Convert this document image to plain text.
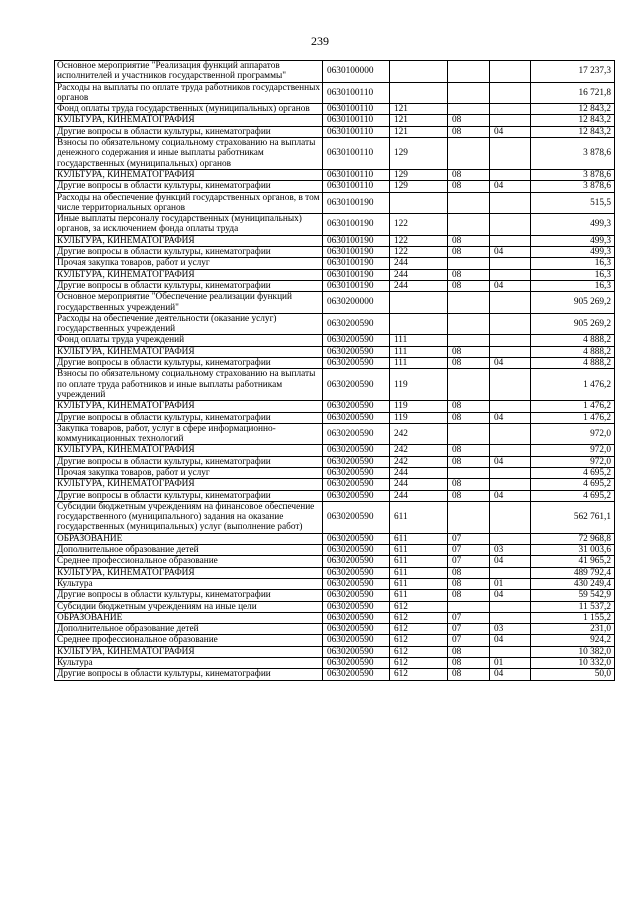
239
Основное мероприятие "Реализация функций аппаратов исполнителей и участников государственной программы"	0630100000				17 237,3
Расходы на выплаты по оплате труда работников государственных органов	0630100110				16 721,8
Фонд оплаты труда государственных (муниципальных) органов	0630100110	121			12 843,2
КУЛЬТУРА, КИНЕМАТОГРАФИЯ	0630100110	121	08		12 843,2
Другие вопросы в области культуры, кинематографии	0630100110	121	08	04	12 843,2
Взносы по обязательному социальному страхованию на выплаты денежного содержания и иные выплаты работникам государственных (муниципальных) органов	0630100110	129			3 878,6
КУЛЬТУРА, КИНЕМАТОГРАФИЯ	0630100110	129	08		3 878,6
Другие вопросы в области культуры, кинематографии	0630100110	129	08	04	3 878,6
Расходы на обеспечение функций государственных органов, в том числе территориальных органов	0630100190				515,5
Иные выплаты персоналу государственных (муниципальных) органов, за исключением фонда оплаты труда	0630100190	122			499,3
КУЛЬТУРА, КИНЕМАТОГРАФИЯ	0630100190	122	08		499,3
Другие вопросы в области культуры, кинематографии	0630100190	122	08	04	499,3
Прочая закупка товаров, работ и услуг	0630100190	244			16,3
КУЛЬТУРА, КИНЕМАТОГРАФИЯ	0630100190	244	08		16,3
Другие вопросы в области культуры, кинематографии	0630100190	244	08	04	16,3
Основное мероприятие "Обеспечение реализации функций государственных учреждений"	0630200000				905 269,2
Расходы на обеспечение деятельности (оказание услуг) государственных учреждений	0630200590				905 269,2
Фонд оплаты труда учреждений	0630200590	111			4 888,2
КУЛЬТУРА, КИНЕМАТОГРАФИЯ	0630200590	111	08		4 888,2
Другие вопросы в области культуры, кинематографии	0630200590	111	08	04	4 888,2
Взносы по обязательному социальному страхованию на выплаты по оплате труда работников и иные выплаты работникам учреждений	0630200590	119			1 476,2
КУЛЬТУРА, КИНЕМАТОГРАФИЯ	0630200590	119	08		1 476,2
Другие вопросы в области культуры, кинематографии	0630200590	119	08	04	1 476,2
Закупка товаров, работ, услуг в сфере информационно-коммуникационных технологий	0630200590	242			972,0
КУЛЬТУРА, КИНЕМАТОГРАФИЯ	0630200590	242	08		972,0
Другие вопросы в области культуры, кинематографии	0630200590	242	08	04	972,0
Прочая закупка товаров, работ и услуг	0630200590	244			4 695,2
КУЛЬТУРА, КИНЕМАТОГРАФИЯ	0630200590	244	08		4 695,2
Другие вопросы в области культуры, кинематографии	0630200590	244	08	04	4 695,2
Субсидии бюджетным учреждениям на финансовое обеспечение государственного (муниципального) задания на оказание государственных (муниципальных) услуг (выполнение работ)	0630200590	611			562 761,1
ОБРАЗОВАНИЕ	0630200590	611	07		72 968,8
Дополнительное образование детей	0630200590	611	07	03	31 003,6
Среднее профессиональное образование	0630200590	611	07	04	41 965,2
КУЛЬТУРА, КИНЕМАТОГРАФИЯ	0630200590	611	08		489 792,4
Культура	0630200590	611	08	01	430 249,4
Другие вопросы в области культуры, кинематографии	0630200590	611	08	04	59 542,9
Субсидии бюджетным учреждениям на иные цели	0630200590	612			11 537,2
ОБРАЗОВАНИЕ	0630200590	612	07		1 155,2
Дополнительное образование детей	0630200590	612	07	03	231,0
Среднее профессиональное образование	0630200590	612	07	04	924,2
КУЛЬТУРА, КИНЕМАТОГРАФИЯ	0630200590	612	08		10 382,0
Культура	0630200590	612	08	01	10 332,0
Другие вопросы в области культуры, кинематографии	0630200590	612	08	04	50,0
